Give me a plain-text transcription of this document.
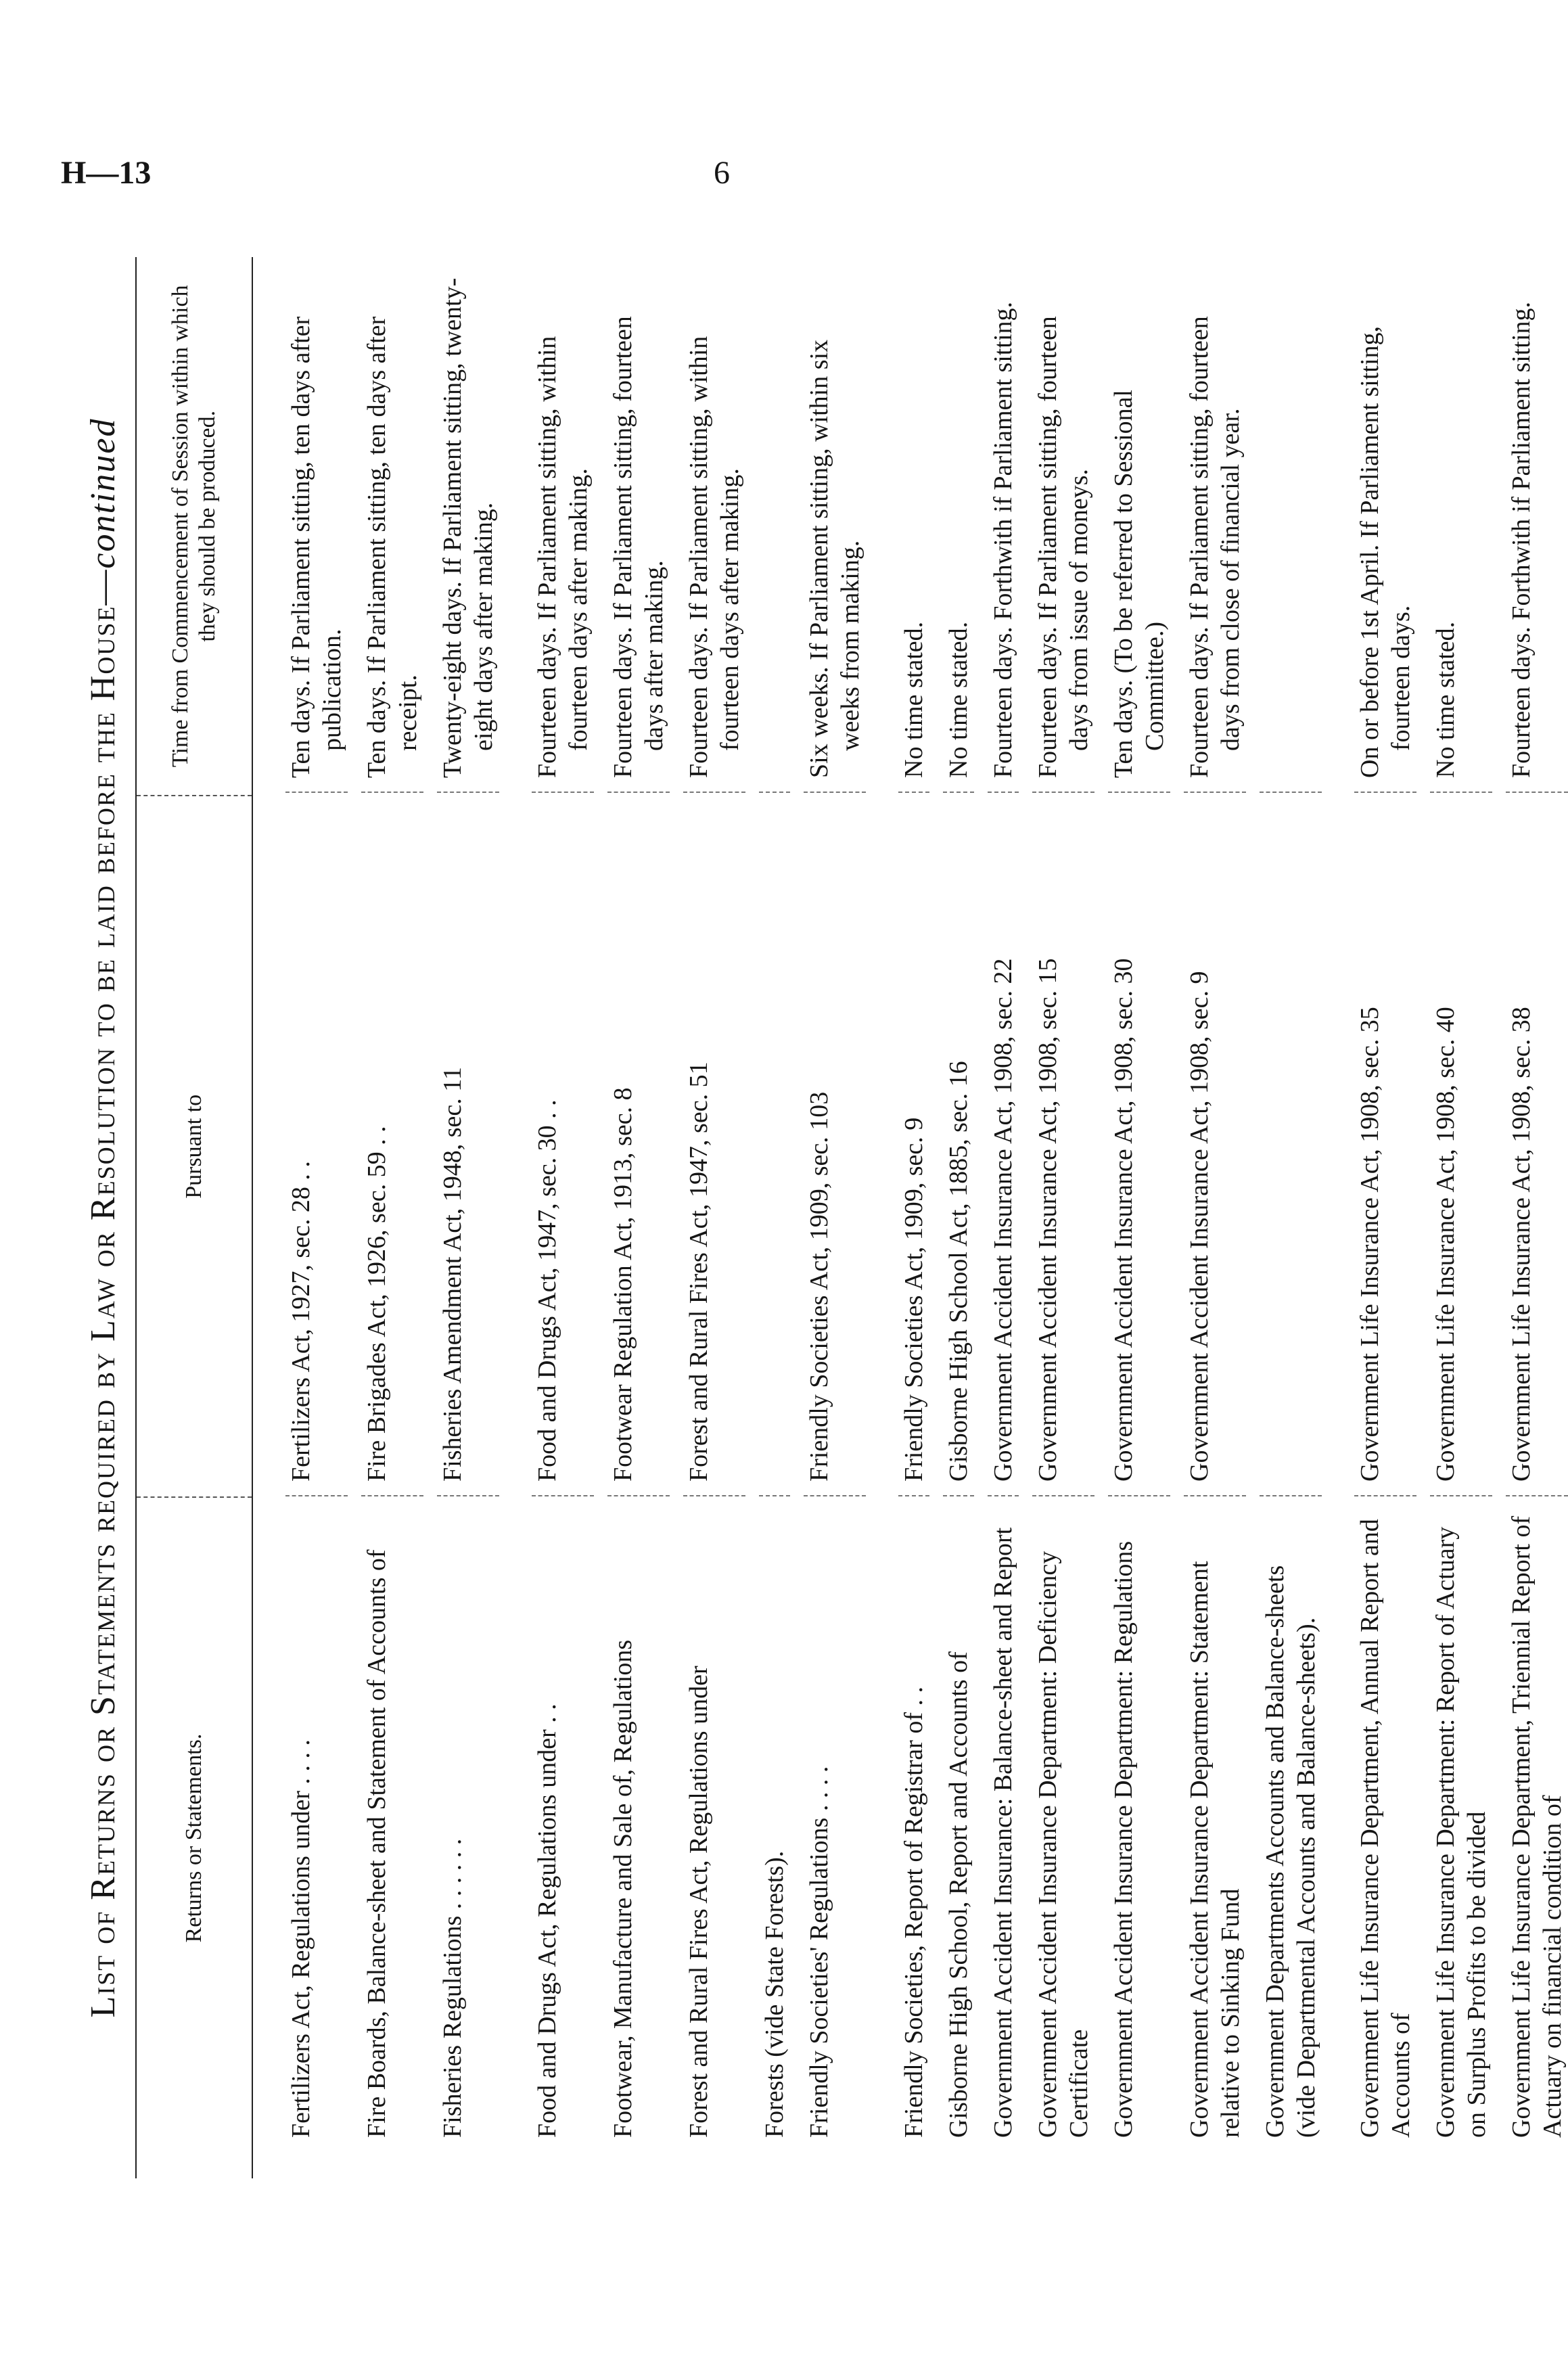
H—13	6
List of Returns or Statements required by Law or Resolution to be laid before the House—
continued
Returns or Statements.
Pursuant to
Time from Commencement of Session within which they should be produced.
Fertilizers Act, Regulations under . . . .
Fertilizers Act, 1927, sec. 28 . .
Ten days. If Parliament sitting, ten days after publication.
Fire Boards, Balance-sheet and Statement of Accounts of
Fire Brigades Act, 1926, sec. 59 . .
Ten days. If Parliament sitting, ten days after receipt.
Fisheries Regulations . . . . . .
Fisheries Amendment Act, 1948, sec. 11
Twenty-eight days. If Parliament sitting, twenty-eight days after making.
Food and Drugs Act, Regulations under . .
Food and Drugs Act, 1947, sec. 30 . .
Fourteen days. If Parliament sitting, within fourteen days after making.
Footwear, Manufacture and Sale of, Regulations
Footwear Regulation Act, 1913, sec. 8
Fourteen days. If Parliament sitting, fourteen days after making.
Forest and Rural Fires Act, Regulations under
Forest and Rural Fires Act, 1947, sec. 51
Fourteen days. If Parliament sitting, within fourteen days after making.
Forests (vide State Forests). Friendly Societies' Regulations . . . .
Friendly Societies Act, 1909, sec. 103
Six weeks. If Parliament sitting, within six weeks from making.
Friendly Societies, Report of Registrar of . .
Friendly Societies Act, 1909, sec. 9
No time stated.
Gisborne High School, Report and Accounts of
Gisborne High School Act, 1885, sec. 16
No time stated.
Government Accident Insurance: Balance-sheet and Report
Government Accident Insurance Act, 1908, sec. 22
Fourteen days. Forthwith if Parliament sitting.
Government Accident Insurance Department: Deficiency Certificate
Government Accident Insurance Act, 1908, sec. 15
Fourteen days. If Parliament sitting, fourteen days from issue of moneys.
Government Accident Insurance Department: Regulations
Government Accident Insurance Act, 1908, sec. 30
Ten days. (To be referred to Sessional Committee.)
Government Accident Insurance Department: Statement relative to Sinking Fund
Government Accident Insurance Act, 1908, sec. 9
Fourteen days. If Parliament sitting, fourteen days from close of financial year.
Government Departments Accounts and Balance-sheets (vide Departmental Accounts and Balance-sheets). Government Life Insurance Department, Annual Report and Accounts of
Government Life Insurance Act, 1908, sec. 35
On or before 1st April. If Parliament sitting, fourteen days.
Government Life Insurance Department: Report of Actuary on Surplus Profits to be divided
Government Life Insurance Act, 1908, sec. 40
No time stated.
Government Life Insurance Department, Triennial Report of Actuary on financial condition of
Government Life Insurance Act, 1908, sec. 38
Fourteen days. Forthwith if Parliament sitting.
